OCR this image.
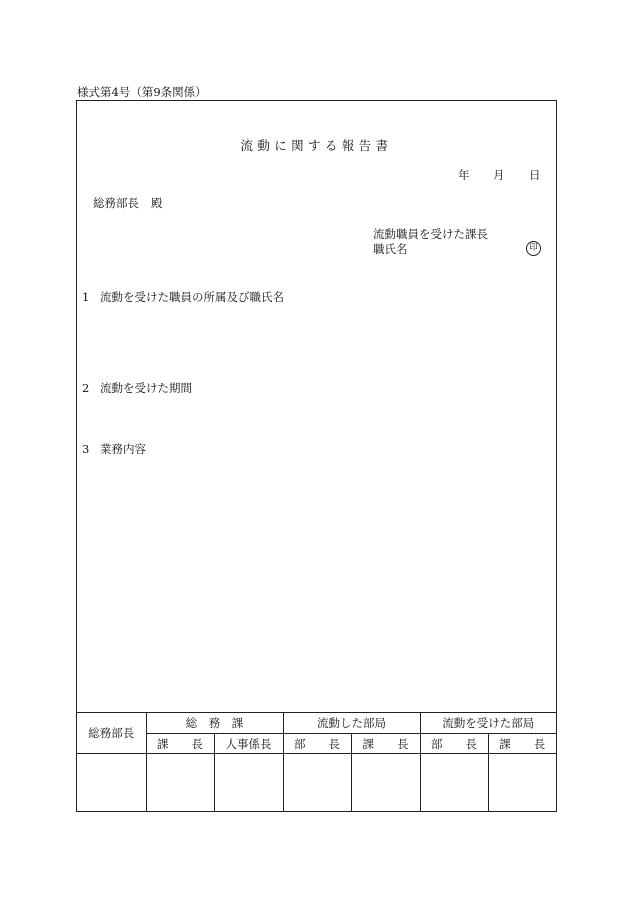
様式第4号（第9条関係）
流動に関する報告書
年 月 日
総務部長 殿
流動職員を受けた課長
職氏名	印
1 流動を受けた職員の所属及び職氏名
2 流動を受けた期間
3 業務内容
総務部長	総　務　課		流動した部局		流動を受けた部局	
	課　　長	人事係長	部　　長	課　　長	部　　長	課　　長
